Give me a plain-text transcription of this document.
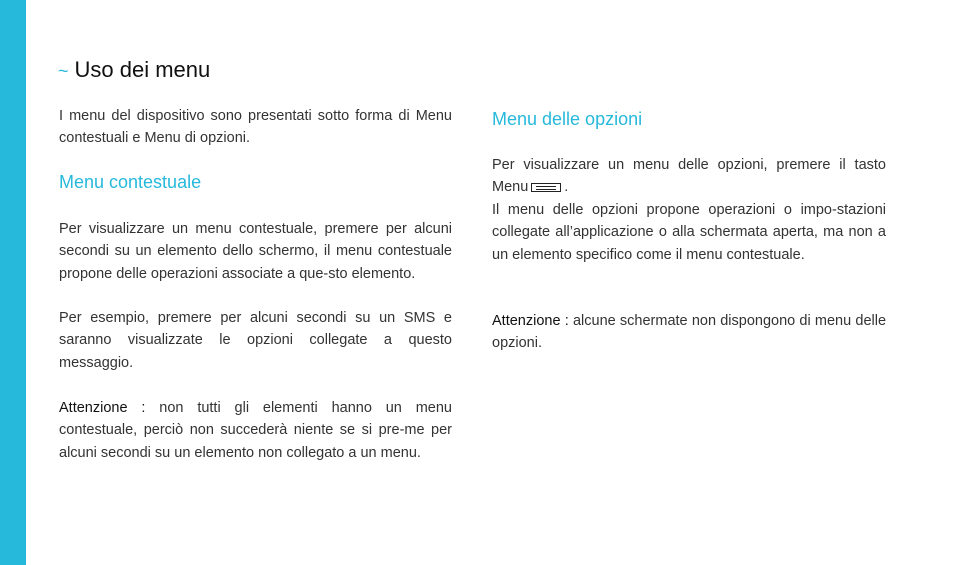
~ Uso dei menu

I menu del dispositivo sono presentati sotto forma di Menu contestuali e Menu di opzioni.

Menu contestuale

Per visualizzare un menu contestuale, premere per alcuni secondi su un elemento dello schermo, il menu contestuale propone delle operazioni associate a que-sto elemento.

Per esempio, premere per alcuni secondi su un SMS e saranno visualizzate le opzioni collegate a questo messaggio.

Attenzione : non tutti gli elementi hanno un menu contestuale, perciò non succederà niente se si pre-me per alcuni secondi su un elemento non collegato a un menu.

Menu delle opzioni

Per visualizzare un menu delle opzioni, premere il tasto Menu .

Il menu delle opzioni propone operazioni o impo-stazioni collegate all’applicazione o alla schermata aperta, ma non a un elemento specifico come il menu contestuale.

Attenzione : alcune schermate non dispongono di menu delle opzioni.
